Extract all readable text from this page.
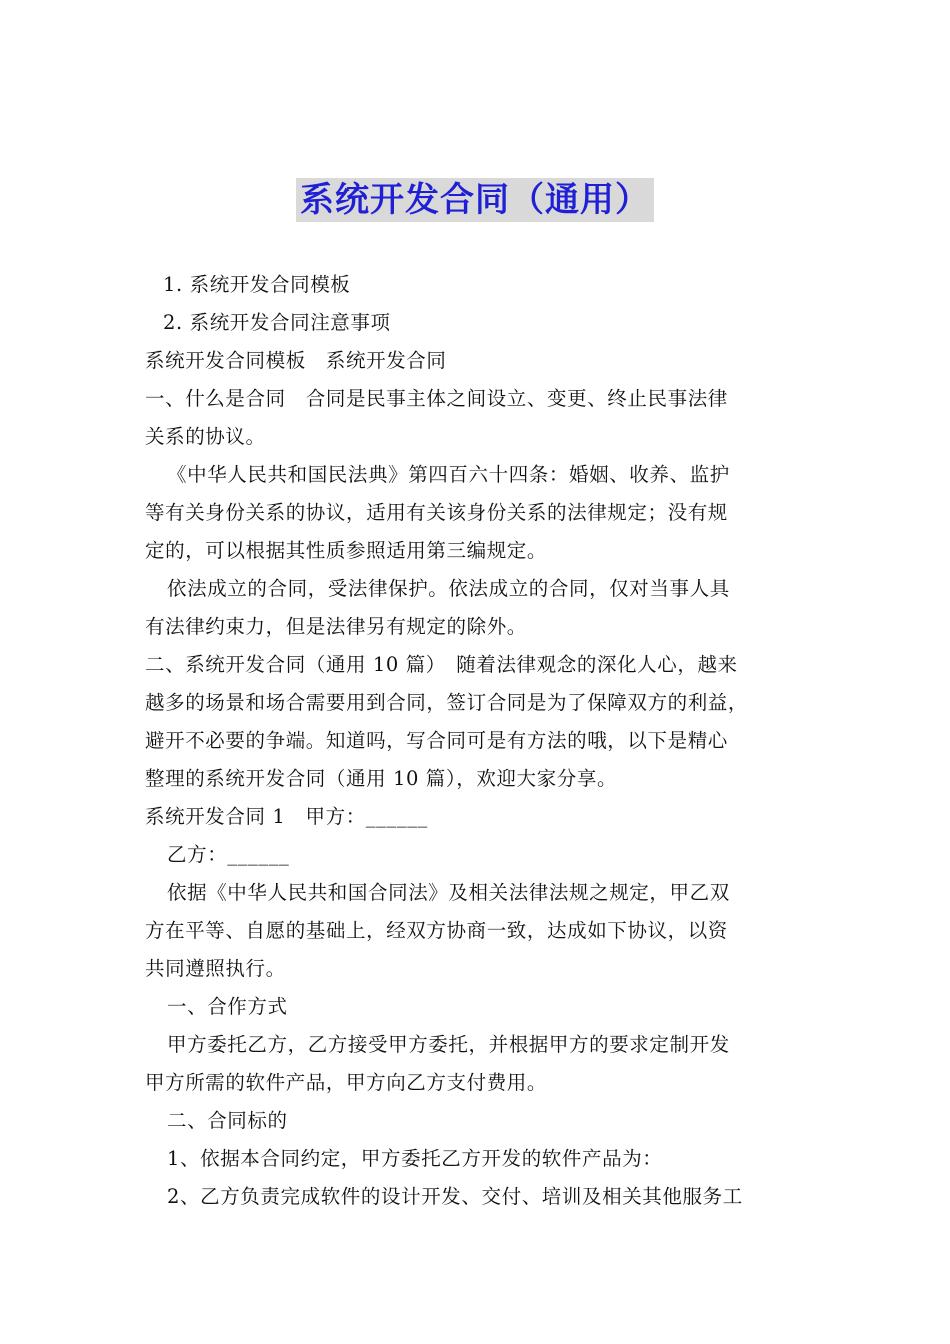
系统开发合同（通用）
1. 系统开发合同模板
2. 系统开发合同注意事项
系统开发合同模板　系统开发合同
一、什么是合同　合同是民事主体之间设立、变更、终止民事法律
关系的协议。
《中华人民共和国民法典》第四百六十四条：婚姻、收养、监护
等有关身份关系的协议，适用有关该身份关系的法律规定；没有规
定的，可以根据其性质参照适用第三编规定。
依法成立的合同，受法律保护。依法成立的合同，仅对当事人具
有法律约束力，但是法律另有规定的除外。
二、系统开发合同（通用 10 篇）　随着法律观念的深化人心，越来
越多的场景和场合需要用到合同，签订合同是为了保障双方的利益，
避开不必要的争端。知道吗，写合同可是有方法的哦，以下是精心
整理的系统开发合同（通用 10 篇），欢迎大家分享。
系统开发合同 1　甲方：______
乙方：______
依据《中华人民共和国合同法》及相关法律法规之规定，甲乙双
方在平等、自愿的基础上，经双方协商一致，达成如下协议，以资
共同遵照执行。
一、合作方式
甲方委托乙方，乙方接受甲方委托，并根据甲方的要求定制开发
甲方所需的软件产品，甲方向乙方支付费用。
二、合同标的
1、依据本合同约定，甲方委托乙方开发的软件产品为：
2、乙方负责完成软件的设计开发、交付、培训及相关其他服务工
